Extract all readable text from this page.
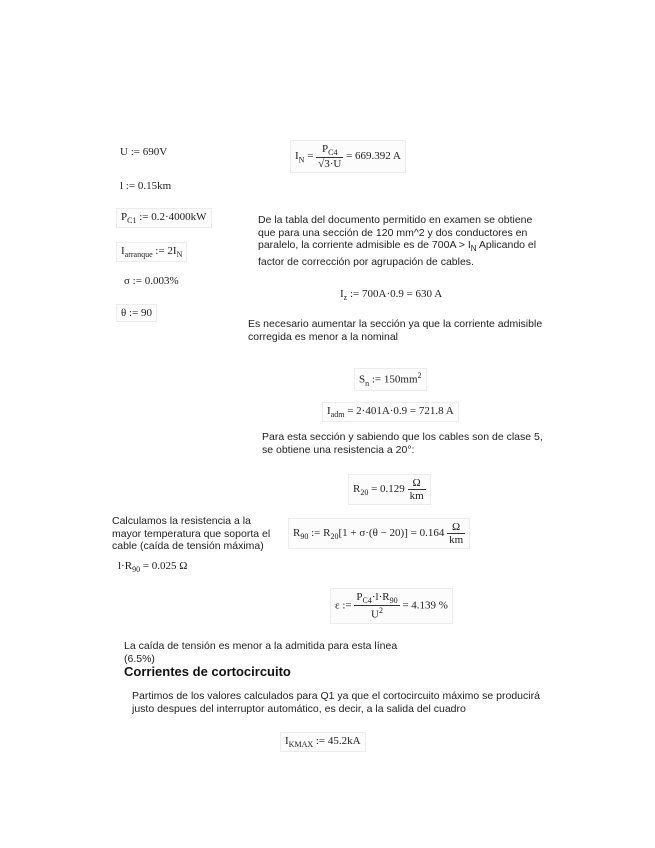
U := 690V
l := 0.15km
$P_{C1}$ := 0.2·4000kW
$I_{arranque}$ := $2I_N$
σ := 0.003%
θ := 90
$I_N = \frac{P_{C4}}{√3\cdot U} = 669.392$ A
De la tabla del documento permitido en examen se obtiene que para una sección de 120 mm^2 y dos conductores en paralelo, la corriente admisible es de $700A > I_N$ Aplicando el factor de corrección por agrupación de cables.
$I_z$ := 700A·0.9 = 630 A
Es necesario aumentar la sección ya que la corriente admisible corregida es menor a la nominal
$S_n$ := $150mm^2$
$I_{adm} = 2\cdot 401A\cdot 0.9 = 721.8$ A
Para esta sección y sabiendo que los cables son de clase 5, se obtiene una resistencia a 20°:
$R_{20} = 0.129 \frac{\Omega}{km}$
Calculamos la resistencia a la mayor temperatura que soporta el cable (caída de tensión máxima)
$R_{90}$ := $R_{20}[1 + \sigma\cdot(\theta - 20)] = 0.164 \frac{\Omega}{km}$
$l\cdot R_{90} = 0.025$ Ω
ε := $\frac{P_{C4}\cdot l\cdot R_{90}}{U^2} = 4.139$ %
La caída de tensión es menor a la admitida para esta línea
(6.5%)
Corrientes de cortocircuito
Partimos de los valores calculados para Q1 ya que el cortocircuito máximo se producirá justo despues del interruptor automático, es decir, a la salida del cuadro
$I_{KMAX}$ := 45.2kA
